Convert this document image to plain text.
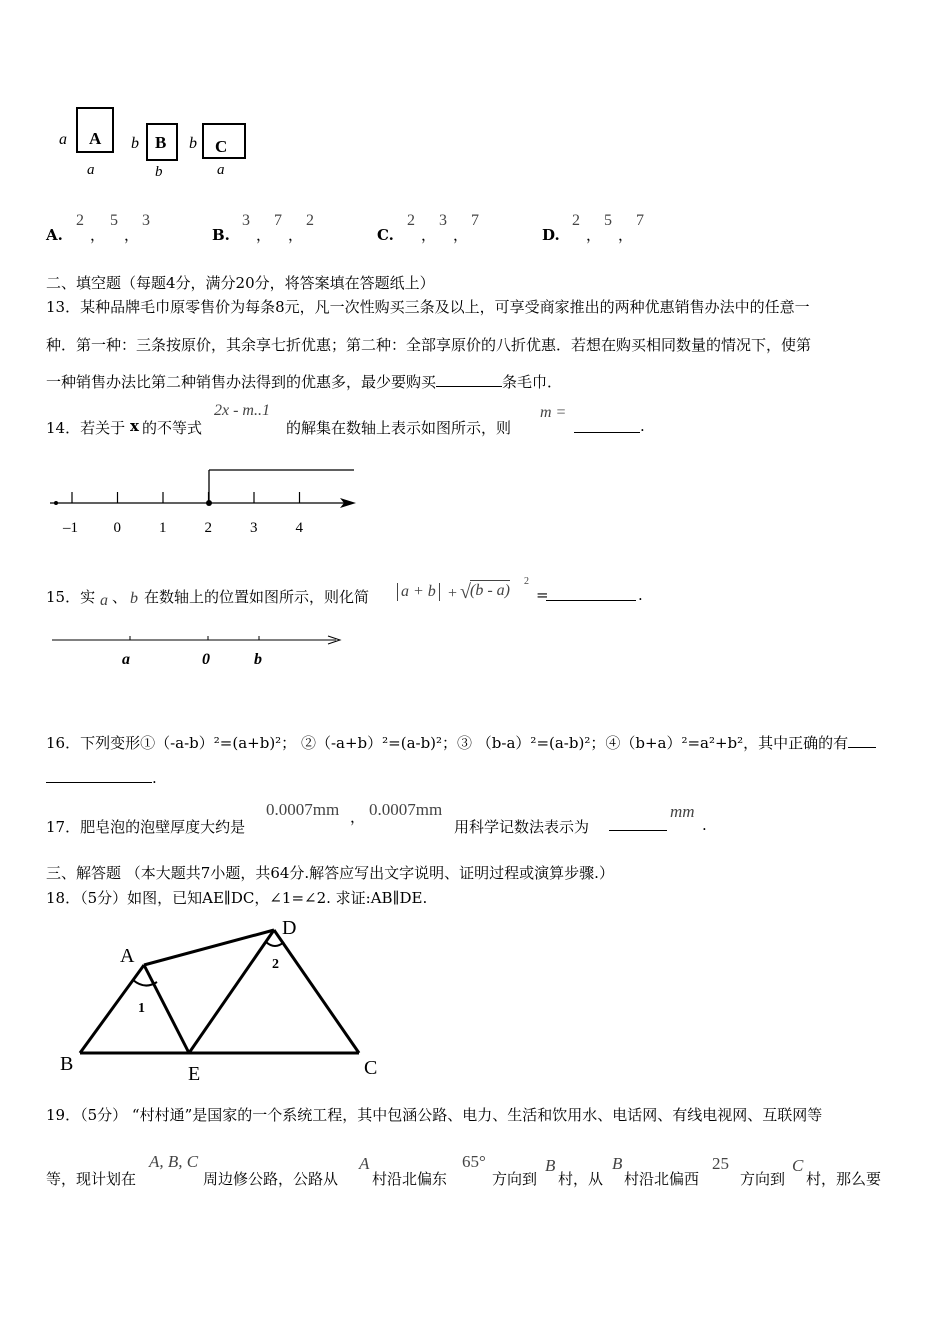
a A b B b C
a	b	a
A.
2
，
5
，
3
B.
3
，
7
，
2
C.
2
，
3
，
7
D.
2
，
5
，
7
二、填空题（每题4分，满分20分，将答案填在答题纸上）
13．某种品牌毛巾原零售价为每条8元，凡一次性购买三条及以上，可享受商家推出的两种优惠销售办法中的任意一
种．第一种：三条按原价，其余享七折优惠；第二种：全部享原价的八折优惠．若想在购买相同数量的情况下，使第
一种销售办法比第二种销售办法得到的优惠多，最少要购买	条毛巾．
14．若关于 x 的不等式
2x - m..1
的解集在数轴上表示如图所示，则
m =
.
–1 0	1	2	3	4
15．实 a 、 b 在数轴上的位置如图所示，则化简 a + b + √ (b - a)
2
=	.
a	0	b
16．下列变形①（-a-b）²=(a+b)²； ②（-a+b）²=(a-b)²；③ （b-a）²=(a-b)²；④（b+a）²=a²+b²，其中正确的有
.
17．肥皂泡的泡壁厚度大约是
0.0007mm ， 0.0007mm
用科学记数法表示为
mm
.
三、解答题 （本大题共7小题，共64分.解答应写出文字说明、证明过程或演算步骤.）
18．（5分）如图，已知AE∥DC，∠1=∠2. 求证:AB∥DE.
A
B	C
D
E
1
2
19．（5分） “村村通”是国家的一个系统工程，其中包涵公路、电力、生活和饮用水、电话网、有线电视网、互联网等
等，现计划在
A, B, C
周边修公路，公路从
A
村沿北偏东
65°
方向到
B
村，从
B
村沿北偏西
25
方向到
C
村，那么要
